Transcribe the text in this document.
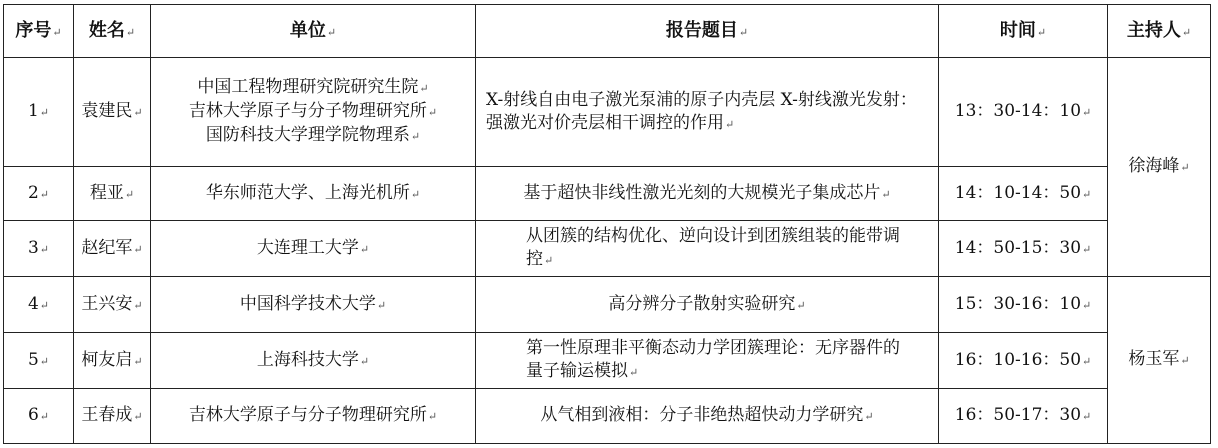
序号↵	姓名↵	单位↵	报告题目↵	时间↵	主持人↵
1↵	袁建民↵	中国工程物理研究院研究生院↵
吉林大学原子与分子物理研究所↵
国防科技大学理学院物理系↵	X-射线自由电子激光泵浦的原子内壳层 X-射线激光发射：强激光对价壳层相干调控的作用↵	13：30-14：10↵	徐海峰↵
2↵	程亚↵	华东师范大学、上海光机所↵	基于超快非线性激光光刻的大规模光子集成芯片↵	14：10-14：50↵	
3↵	赵纪军↵	大连理工大学↵	从团簇的结构优化、逆向设计到团簇组装的能带调控↵	14：50-15：30↵	
4↵	王兴安↵	中国科学技术大学↵	高分辨分子散射实验研究↵	15：30-16：10↵	杨玉军↵
5↵	柯友启↵	上海科技大学↵	第一性原理非平衡态动力学团簇理论：无序器件的量子输运模拟↵	16：10-16：50↵	
6↵	王春成↵	吉林大学原子与分子物理研究所↵	从气相到液相：分子非绝热超快动力学研究↵	16：50-17：30↵	
